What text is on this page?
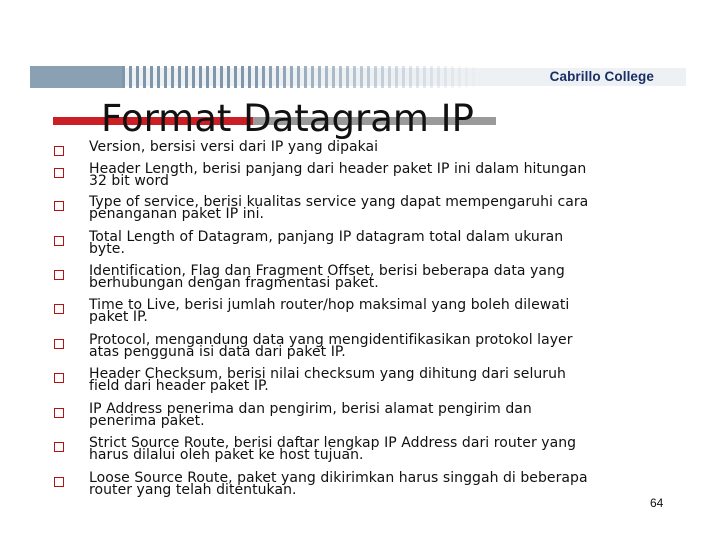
Cabrillo College
Format Datagram IP
Version, bersisi versi dari IP yang dipakai
Header Length, berisi panjang dari header paket IP ini dalam hitungan
32 bit word
Type of service, berisi kualitas service yang dapat mempengaruhi cara
penanganan paket IP ini.
Total Length of Datagram, panjang IP datagram total dalam ukuran
byte.
Identification, Flag dan Fragment Offset, berisi beberapa data yang
berhubungan dengan fragmentasi paket.
Time to Live, berisi jumlah router/hop maksimal yang boleh dilewati
paket IP.
Protocol, mengandung data yang mengidentifikasikan protokol layer
atas pengguna isi data dari paket IP.
Header Checksum, berisi nilai checksum yang dihitung dari seluruh
field dari header paket IP.
IP Address penerima dan pengirim, berisi alamat pengirim dan
penerima paket.
Strict Source Route, berisi daftar lengkap IP Address dari router yang
harus dilalui oleh paket ke host tujuan.
Loose Source Route, paket yang dikirimkan harus singgah di beberapa
router yang telah ditentukan.
64
